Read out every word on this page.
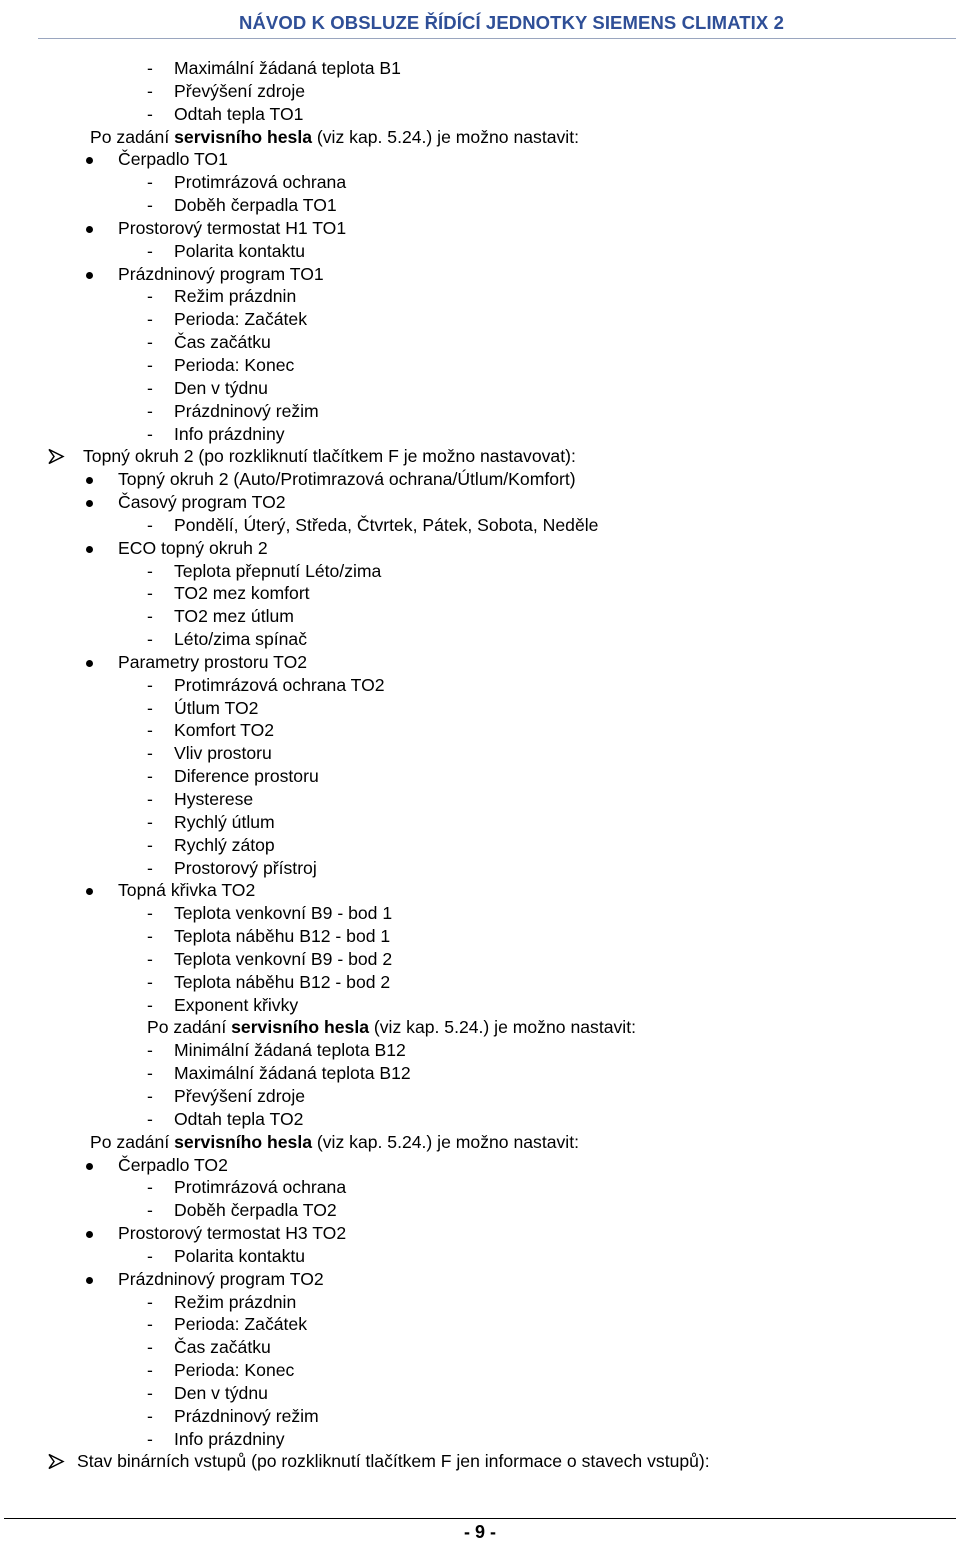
NÁVOD K OBSLUZE ŘÍDÍCÍ JEDNOTKY SIEMENS CLIMATIX 2
- Maximální žádaná teplota B1
- Převýšení zdroje
- Odtah tepla TO1
Po zadání servisního hesla (viz kap. 5.24.) je možno nastavit:
Čerpadlo TO1
- Protimrázová ochrana
- Doběh čerpadla TO1
Prostorový termostat H1 TO1
- Polarita kontaktu
Prázdninový program TO1
- Režim prázdnin
- Perioda: Začátek
- Čas začátku
- Perioda: Konec
- Den v týdnu
- Prázdninový režim
- Info prázdniny
Topný okruh 2 (po rozkliknutí tlačítkem F je možno nastavovat):
Topný okruh 2 (Auto/Protimrazová ochrana/Útlum/Komfort)
Časový program TO2
- Pondělí, Úterý, Středa, Čtvrtek, Pátek, Sobota, Neděle
ECO topný okruh 2
- Teplota přepnutí Léto/zima
- TO2 mez komfort
- TO2 mez útlum
- Léto/zima spínač
Parametry prostoru TO2
- Protimrázová ochrana TO2
- Útlum TO2
- Komfort TO2
- Vliv prostoru
- Diference prostoru
- Hysterese
- Rychlý útlum
- Rychlý zátop
- Prostorový přístroj
Topná křivka TO2
- Teplota venkovní B9 - bod 1
- Teplota náběhu B12 - bod 1
- Teplota venkovní B9 - bod 2
- Teplota náběhu B12 - bod 2
- Exponent křivky
Po zadání servisního hesla (viz kap. 5.24.) je možno nastavit:
- Minimální žádaná teplota B12
- Maximální žádaná teplota B12
- Převýšení zdroje
- Odtah tepla TO2
Po zadání servisního hesla (viz kap. 5.24.) je možno nastavit:
Čerpadlo TO2
- Protimrázová ochrana
- Doběh čerpadla TO2
Prostorový termostat H3 TO2
- Polarita kontaktu
Prázdninový program TO2
- Režim prázdnin
- Perioda: Začátek
- Čas začátku
- Perioda: Konec
- Den v týdnu
- Prázdninový režim
- Info prázdniny
Stav binárních vstupů (po rozkliknutí tlačítkem F jen informace o stavech vstupů):
- 9 -
